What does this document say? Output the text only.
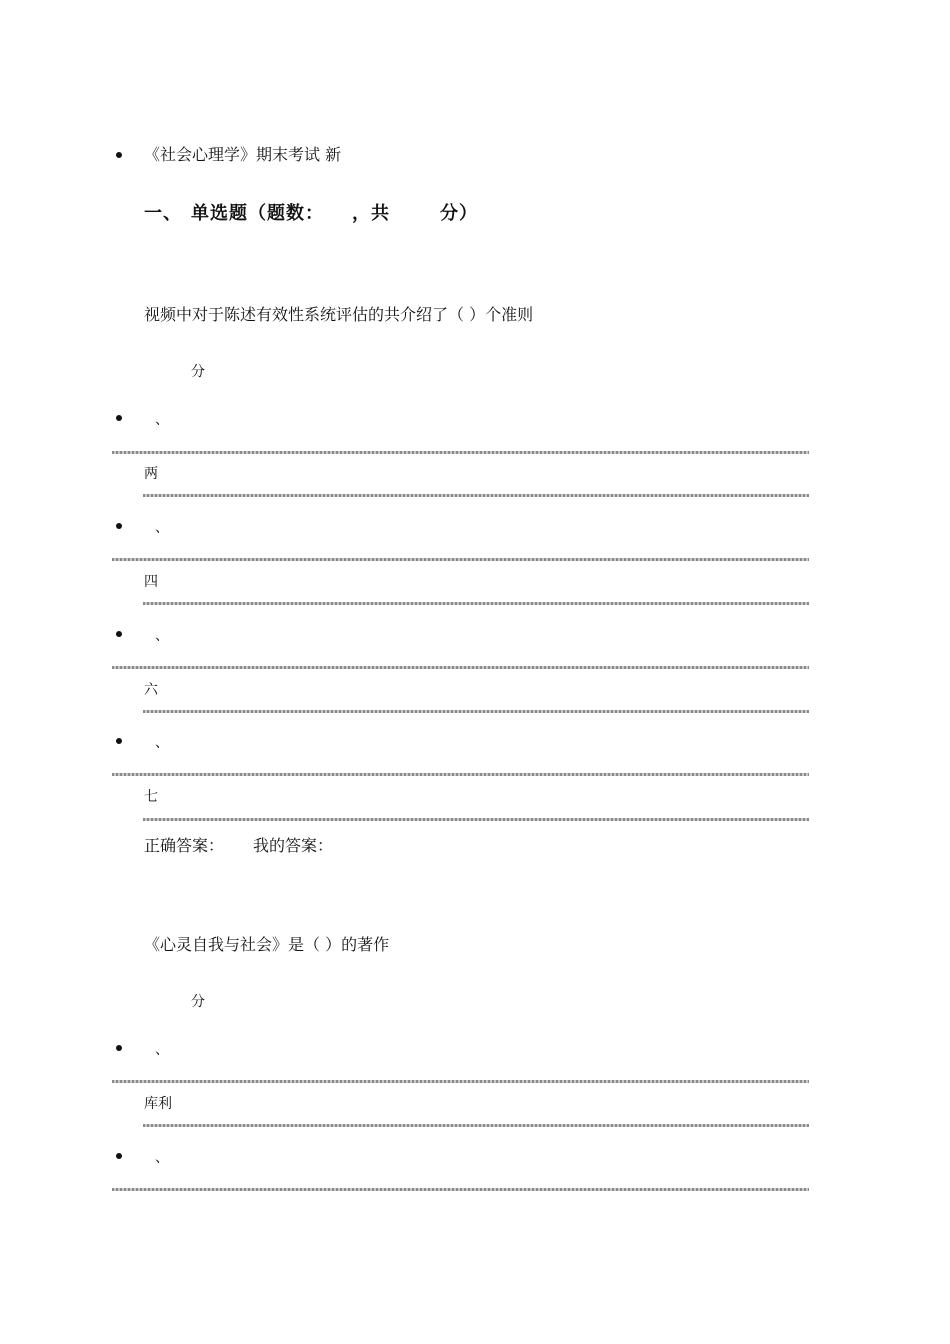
《社会心理学》期末考试 新
一、 单选题（题数： ，共	分）
视频中对于陈述有效性系统评估的共介绍了（ ）个准则
分
、
两
、
四
、
六
、
七
正确答案： 我的答案：
《心灵自我与社会》是（ ）的著作
分
、
库利
、
